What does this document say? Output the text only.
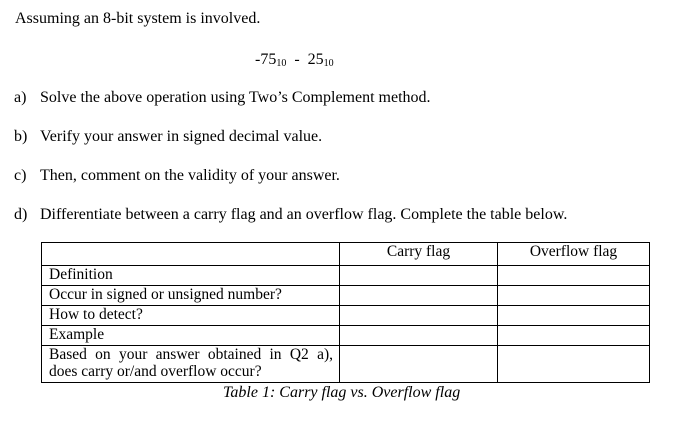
Assuming an 8-bit system is involved.
$-75_{10} - 25_{10}$
a) Solve the above operation using Two’s Complement method.
b) Verify your answer in signed decimal value.
c) Then, comment on the validity of your answer.
d) Differentiate between a carry flag and an overflow flag. Complete the table below.
	Carry flag	Overflow flag
Definition		
Occur in signed or unsigned number?		
How to detect?		
Example		

Based on your answer obtained in Q2 a),
does carry or/and overflow occur?		

Table 1: Carry flag vs. Overflow flag
